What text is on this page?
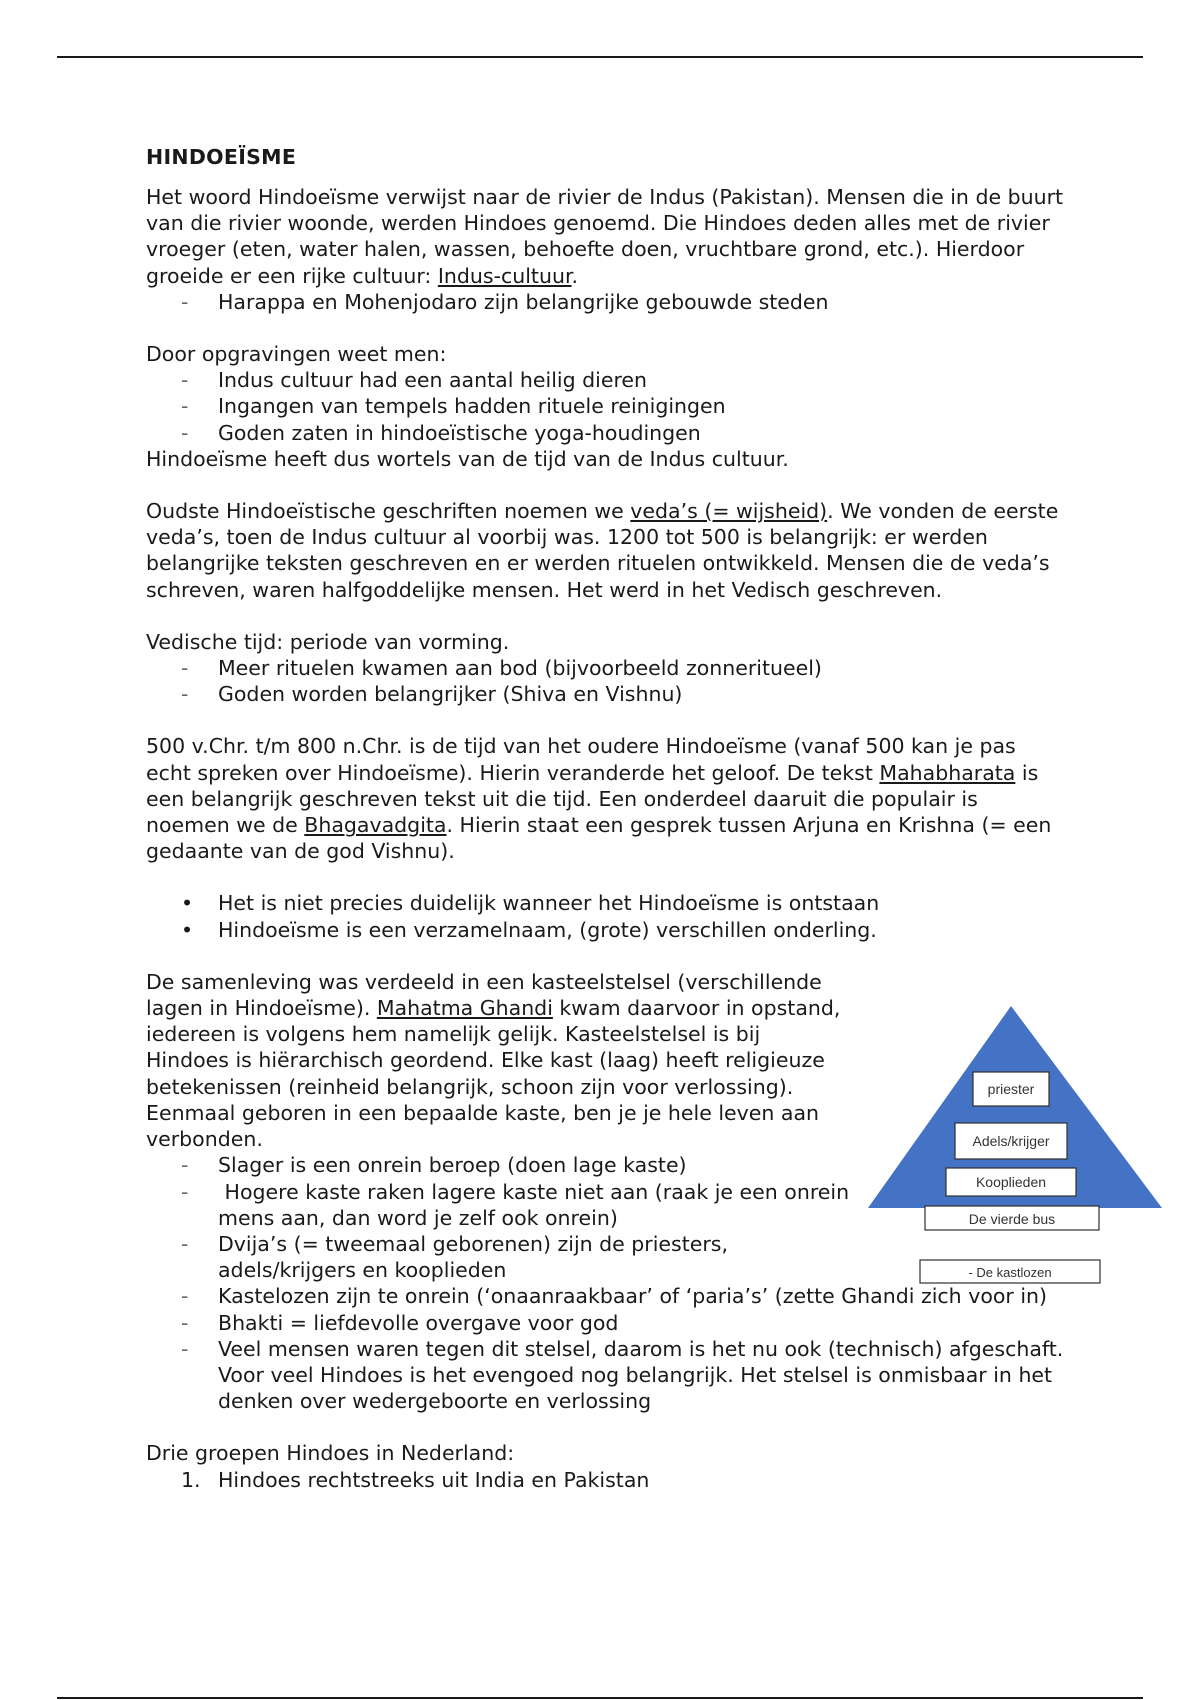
HINDOEÏSME

Het woord Hindoeïsme verwijst naar de rivier de Indus (Pakistan). Mensen die in de buurt van die rivier woonde, werden Hindoes genoemd. Die Hindoes deden alles met de rivier vroeger (eten, water halen, wassen, behoefte doen, vruchtbare grond, etc.). Hierdoor groeide er een rijke cultuur: Indus-cultuur.

-	Harappa en Mohenjodaro zijn belangrijke gebouwde steden

Door opgravingen weet men:

-	Indus cultuur had een aantal heilig dieren
-	Ingangen van tempels hadden rituele reinigingen
-	Goden zaten in hindoeïstische yoga-houdingen

Hindoeïsme heeft dus wortels van de tijd van de Indus cultuur.

Oudste Hindoeïstische geschriften noemen we veda’s (= wijsheid). We vonden de eerste veda’s, toen de Indus cultuur al voorbij was. 1200 tot 500 is belangrijk: er werden belangrijke teksten geschreven en er werden rituelen ontwikkeld. Mensen die de veda’s schreven, waren halfgoddelijke mensen. Het werd in het Vedisch geschreven.

Vedische tijd: periode van vorming.

-	Meer rituelen kwamen aan bod (bijvoorbeeld zonneritueel)
-	Goden worden belangrijker (Shiva en Vishnu)

500 v.Chr. t/m 800 n.Chr. is de tijd van het oudere Hindoeïsme (vanaf 500 kan je pas echt spreken over Hindoeïsme). Hierin veranderde het geloof. De tekst Mahabharata is een belangrijk geschreven tekst uit die tijd. Een onderdeel daaruit die populair is noemen we de Bhagavadgita. Hierin staat een gesprek tussen Arjuna en Krishna (= een gedaante van de god Vishnu).

•	Het is niet precies duidelijk wanneer het Hindoeïsme is ontstaan
•	Hindoeïsme is een verzamelnaam, (grote) verschillen onderling.

De samenleving was verdeeld in een kasteelstelsel (verschillende lagen in Hindoeïsme). Mahatma Ghandi kwam daarvoor in opstand, iedereen is volgens hem namelijk gelijk. Kasteelstelsel is bij Hindoes is hiërarchisch geordend. Elke kast (laag) heeft religieuze betekenissen (reinheid belangrijk, schoon zijn voor verlossing). Eenmaal geboren in een bepaalde kaste, ben je je hele leven aan verbonden.

-	Slager is een onrein beroep (doen lage kaste)
-	Hogere kaste raken lagere kaste niet aan (raak je een onrein mens aan, dan word je zelf ook onrein)
-	Dvija’s (= tweemaal geborenen) zijn de priesters, adels/krijgers en kooplieden
-	Kastelozen zijn te onrein (‘onaanraakbaar’ of ‘paria’s’ (zette Ghandi zich voor in)
-	Bhakti = liefdevolle overgave voor god
-	Veel mensen waren tegen dit stelsel, daarom is het nu ook (technisch) afgeschaft. Voor veel Hindoes is het evengoed nog belangrijk. Het stelsel is onmisbaar in het denken over wedergeboorte en verlossing

Drie groepen Hindoes in Nederland:

1. Hindoes rechtstreeks uit India en Pakistan
priester
Adels/krijger
Kooplieden
De vierde bus
- De kastlozen
